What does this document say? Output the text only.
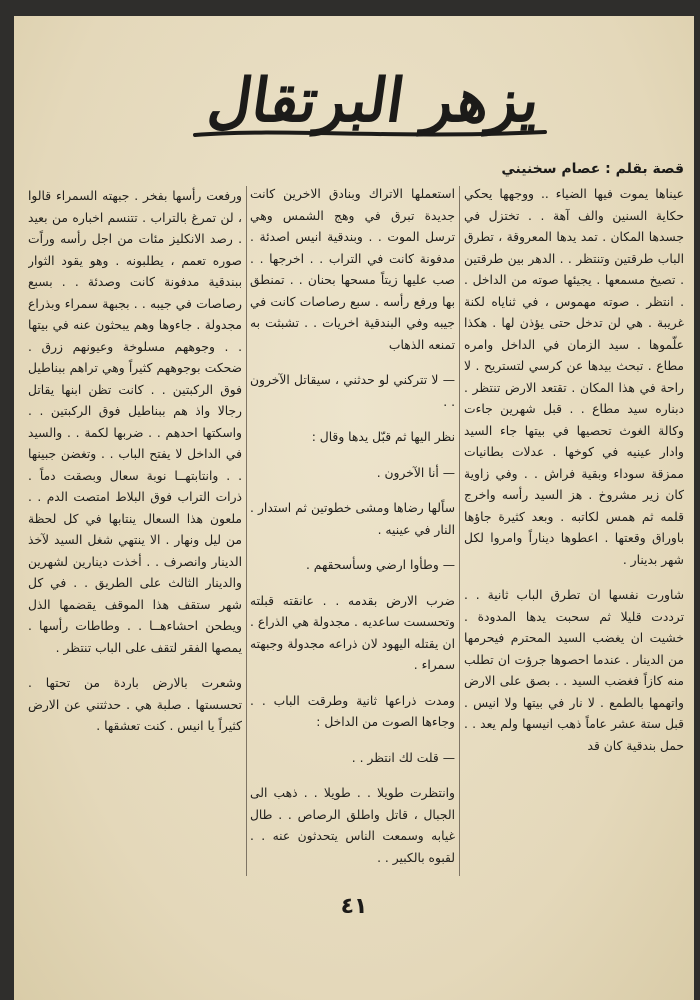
يزهر البرتقال
قصة بقلم : عصام سخنيني

عيناها يموت فيها الضياء .. ووجهها يحكي حكاية السنين والف آهة . . تختزل في جسدها المكان . تمد يدها المعروقة ، تطرق الباب طرقتين وتنتظر . . الدهر بين طرقتين . تصيخ مسمعها . يجيئها صوته من الداخل . . انتظر . صوته مهموس ، في ثناياه لكنة غريبة . هي لن تدخل حتى يؤذن لها . هكذا علّموها . سيد الزمان في الداخل وامره مطاع . تبحث بيدها عن كرسي لتستريح . لا راحة في هذا المكان . تقتعد الارض تنتظر . دبناره سيد مطاع . . قبل شهرين جاءت وكالة الغوث تحصيها في بيتها جاء السيد وادار عينيه في كوخها . عدلات بطانيات ممزقة سوداء وبقية فراش . . وفي زاوية كان زير مشروخ . هز السيد رأسه واخرج قلمه ثم همس لكاتبه . وبعد كثيرة جاؤها باوراق وقعتها . اعطوها ديناراً وامروا لكل شهر بدينار .

شاورت نفسها ان تطرق الباب ثانية . . ترددت قليلا ثم سحبت يدها المدودة . خشيت ان يغضب السيد المحترم فيحرمها من الدينار . عندما احصوها جرؤت ان تطلب منه كازاً فغضب السيد . . بصق على الارض واتهمها بالطمع . لا نار في بيتها ولا انيس . قبل ستة عشر عاماً ذهب انيسها ولم يعد . . حمل بندقية كان قد

استعملها الاتراك وبنادق الاخرين كانت جديدة تبرق في وهج الشمس وهي ترسل الموت . . وبندقية انيس اصدئة . مدفونة كانت في التراب . . اخرجها . . صب عليها زيتاً مسحها بحنان . . تمنطق بها ورفع رأسه . سبع رصاصات كانت في جيبه وفي البندقية اخريات . . تشبثت به تمنعه الذهاب

— لا تتركني لو حدثني ، سيقاتل الآخرون . .

نظر اليها ثم قبّل يدها وقال :

— أنا الآخرون .

ساًلها رضاها ومشى خطوتين ثم استدار . النار في عينيه .

— وطأوا ارضي وسأسحقهم .

ضرب الارض بقدمه . . عانقته قبلته وتحسست ساعديه . مجدولة هي الذراع . ان يقتله اليهود لان ذراعه مجدولة وجبهته سمراء .

ومدت ذراعها ثانية وطرقت الباب . . وجاءها الصوت من الداخل :

— قلت لك انتظر . .

وانتظرت طويلا . . طويلا . . ذهب الى الجبال ، قاتل واطلق الرصاص . . طال غيابه وسمعت الناس يتحدثون عنه . . لقبوه بالكبير . .

ورفعت رأسها بفخر . جبهته السمراء قالوا ، لن تمرغ بالتراب . تتنسم اخباره من بعيد . رصد الانكليز مئات من اجل رأسه وراًت صوره تعمم ، يطلبونه . وهو يقود الثوار ببندقية مدفونة كانت وصدئة . . بسبع رصاصات في جيبه . . بجبهة سمراء وبذراع مجدولة . جاءوها وهم يبحثون عنه في بيتها . . وجوههم مسلوخة وعيونهم زرق . ضحكت بوجوههم كثيراً وهي تراهم ببناطيل فوق الركبتين . . كانت تظن ابنها يقاتل رجالا واذ هم ببناطيل فوق الركبتين . . واسكتها احدهم . . ضربها لكمة . . والسيد في الداخل لا يفتح الباب . . وتغضن جبينها . . وانتابتهــا نوبة سعال وبصقت دماً . ذرات التراب فوق البلاط امتصت الدم . . ملعون هذا السعال ينتابها في كل لحظة من ليل ونهار . الا ينتهي شغل السيد لآخذ الدينار وانصرف . . أخذت دينارين لشهرين والدينار الثالث على الطريق . . في كل شهر ستقف هذا الموقف يقضمها الذل ويطحن احشاءهــا . . وطاطات رأسها . يمصها الفقر لتقف على الباب تنتظر .

وشعرت بالارض باردة من تحتها . تحسستها . صلبة هي . حدثتني عن الارض كثيراً يا انيس . كنت تعشقها .

٤١
